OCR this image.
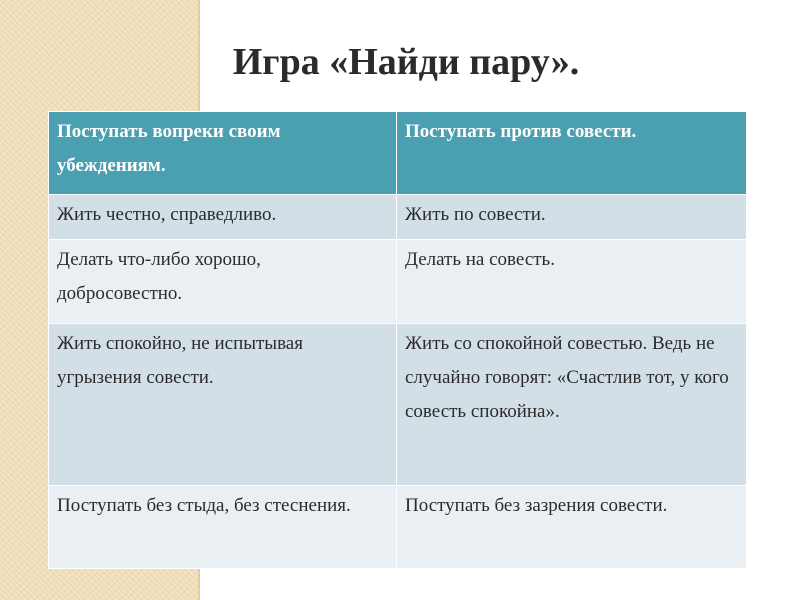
Игра «Найди пару».
Поступать вопреки своим убеждениям.	Поступать против совести.
Жить честно, справедливо.	Жить по совести.
Делать что-либо хорошо, добросовестно.	Делать на совесть.
Жить спокойно, не испытывая угрызения совести.	Жить со спокойной совестью. Ведь не случайно говорят: «Счастлив тот, у кого совесть спокойна».
Поступать без стыда, без стеснения.	Поступать без зазрения совести.
